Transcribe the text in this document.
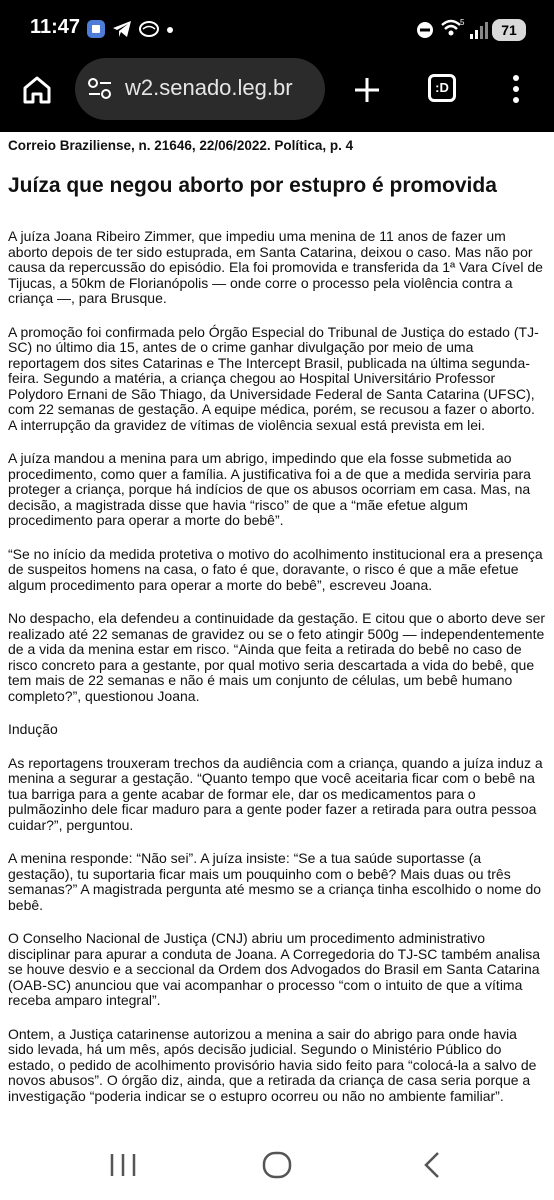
11:47	5	71
w2.senado.leg.br	:D

Correio Braziliense, n. 21646, 22/06/2022. Política, p. 4

Juíza que negou aborto por estupro é promovida

A juíza Joana Ribeiro Zimmer, que impediu uma menina de 11 anos de fazer um aborto depois de ter sido estuprada, em Santa Catarina, deixou o caso. Mas não por causa da repercussão do episódio. Ela foi promovida e transferida da 1ª Vara Cível de Tijucas, a 50km de Florianópolis — onde corre o processo pela violência contra a criança —, para Brusque.

A promoção foi confirmada pelo Órgão Especial do Tribunal de Justiça do estado (TJ-SC) no último dia 15, antes de o crime ganhar divulgação por meio de uma reportagem dos sites Catarinas e The Intercept Brasil, publicada na última segunda-feira. Segundo a matéria, a criança chegou ao Hospital Universitário Professor Polydoro Ernani de São Thiago, da Universidade Federal de Santa Catarina (UFSC), com 22 semanas de gestação. A equipe médica, porém, se recusou a fazer o aborto. A interrupção da gravidez de vítimas de violência sexual está prevista em lei.

A juíza mandou a menina para um abrigo, impedindo que ela fosse submetida ao procedimento, como quer a família. A justificativa foi a de que a medida serviria para proteger a criança, porque há indícios de que os abusos ocorriam em casa. Mas, na decisão, a magistrada disse que havia “risco” de que a “mãe efetue algum procedimento para operar a morte do bebê”.

“Se no início da medida protetiva o motivo do acolhimento institucional era a presença de suspeitos homens na casa, o fato é que, doravante, o risco é que a mãe efetue algum procedimento para operar a morte do bebê”, escreveu Joana.

No despacho, ela defendeu a continuidade da gestação. E citou que o aborto deve ser realizado até 22 semanas de gravidez ou se o feto atingir 500g — independentemente de a vida da menina estar em risco. “Ainda que feita a retirada do bebê no caso de risco concreto para a gestante, por qual motivo seria descartada a vida do bebê, que tem mais de 22 semanas e não é mais um conjunto de células, um bebê humano completo?”, questionou Joana.

Indução

As reportagens trouxeram trechos da audiência com a criança, quando a juíza induz a menina a segurar a gestação. “Quanto tempo que você aceitaria ficar com o bebê na tua barriga para a gente acabar de formar ele, dar os medicamentos para o pulmãozinho dele ficar maduro para a gente poder fazer a retirada para outra pessoa cuidar?”, perguntou.

A menina responde: “Não sei”. A juíza insiste: “Se a tua saúde suportasse (a gestação), tu suportaria ficar mais um pouquinho com o bebê? Mais duas ou três semanas?” A magistrada pergunta até mesmo se a criança tinha escolhido o nome do bebê.

O Conselho Nacional de Justiça (CNJ) abriu um procedimento administrativo disciplinar para apurar a conduta de Joana. A Corregedoria do TJ-SC também analisa se houve desvio e a seccional da Ordem dos Advogados do Brasil em Santa Catarina (OAB-SC) anunciou que vai acompanhar o processo “com o intuito de que a vítima receba amparo integral”.

Ontem, a Justiça catarinense autorizou a menina a sair do abrigo para onde havia sido levada, há um mês, após decisão judicial. Segundo o Ministério Público do estado, o pedido de acolhimento provisório havia sido feito para “colocá-la a salvo de novos abusos”. O órgão diz, ainda, que a retirada da criança de casa seria porque a investigação “poderia indicar se o estupro ocorreu ou não no ambiente familiar”.
